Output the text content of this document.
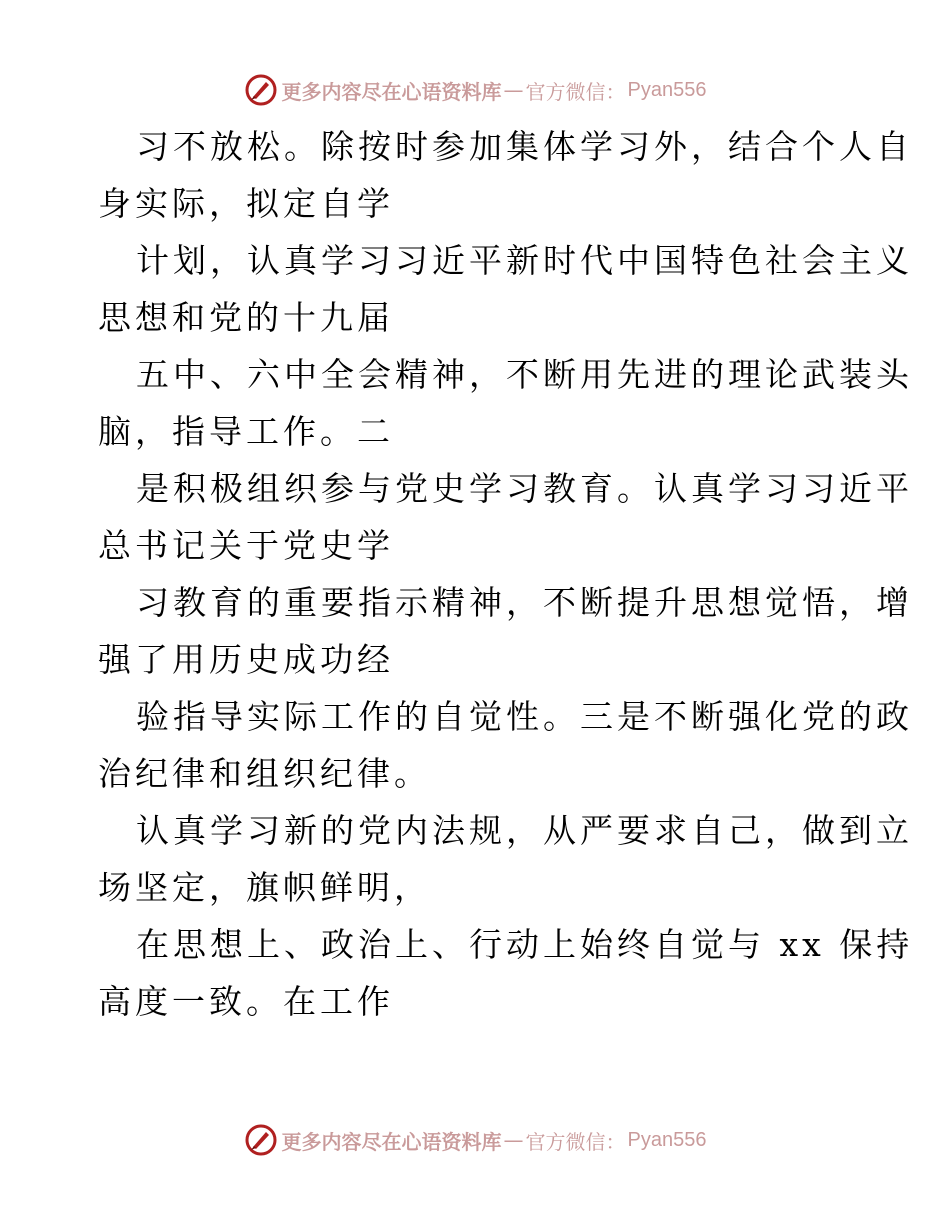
更多内容尽在心语资料库 — 官方微信： Pyan556

习不放松。除按时参加集体学习外，结合个人自
身实际，拟定自学

计划，认真学习习近平新时代中国特色社会主义
思想和党的十九届

五中、六中全会精神，不断用先进的理论武装头
脑，指导工作。二

是积极组织参与党史学习教育。认真学习习近平
总书记关于党史学

习教育的重要指示精神，不断提升思想觉悟，增
强了用历史成功经

验指导实际工作的自觉性。三是不断强化党的政
治纪律和组织纪律。

认真学习新的党内法规，从严要求自己，做到立
场坚定，旗帜鲜明，

在思想上、政治上、行动上始终自觉与 xx 保持
高度一致。在工作

更多内容尽在心语资料库 — 官方微信： Pyan556
